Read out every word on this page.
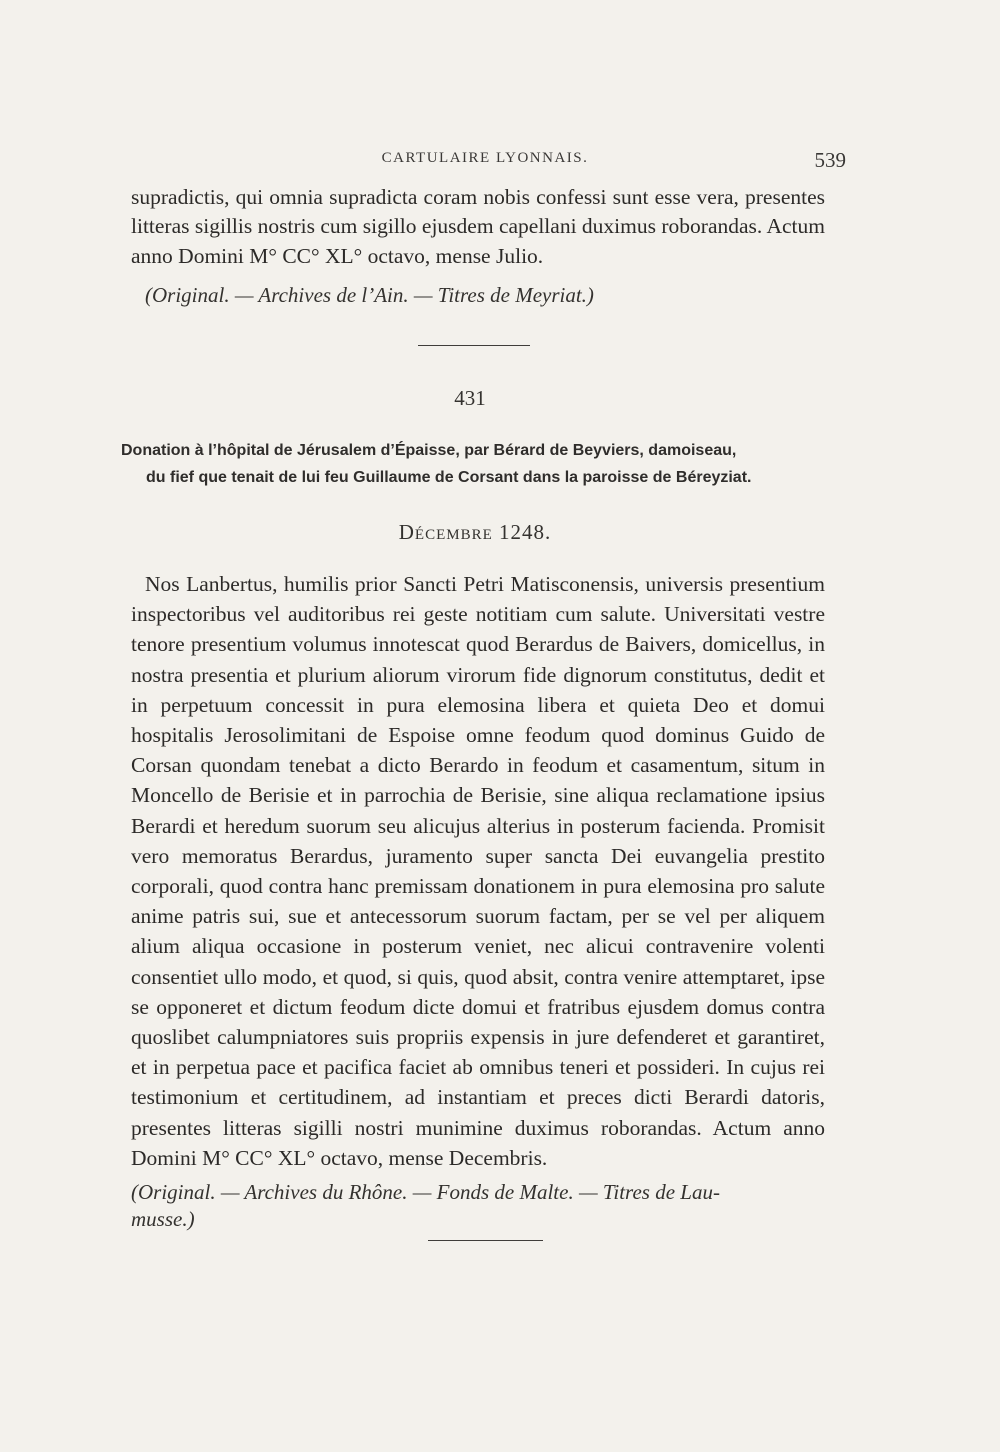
CARTULAIRE LYONNAIS.	539

supradictis, qui omnia supradicta coram nobis confessi sunt esse vera, presentes litteras sigillis nostris cum sigillo ejusdem capellani duximus roborandas. Actum anno Domini M° CC° XL° octavo, mense Julio.

(Original. — Archives de l’Ain. — Titres de Meyriat.)

431

Donation à l’hôpital de Jérusalem d’Épaisse, par Bérard de Beyviers, damoiseau,
du fief que tenait de lui feu Guillaume de Corsant dans la paroisse de Béreyziat.

Décembre 1248.

Nos Lanbertus, humilis prior Sancti Petri Matisconensis, universis presentium inspectoribus vel auditoribus rei geste notitiam cum salute. Universitati vestre tenore presentium volumus innotescat quod Berardus de Baivers, domicellus, in nostra presentia et plurium aliorum virorum fide dignorum constitutus, dedit et in perpetuum concessit in pura elemosina libera et quieta Deo et domui hospitalis Jerosolimitani de Espoise omne feodum quod dominus Guido de Corsan quondam tenebat a dicto Berardo in feodum et casamentum, situm in Moncello de Berisie et in parrochia de Berisie, sine aliqua reclamatione ipsius Berardi et heredum suorum seu alicujus alterius in posterum facienda. Promisit vero memoratus Berardus, juramento super sancta Dei euvangelia prestito corporali, quod contra hanc premissam donationem in pura elemosina pro salute anime patris sui, sue et antecessorum suorum factam, per se vel per aliquem alium aliqua occasione in posterum veniet, nec alicui contravenire volenti consentiet ullo modo, et quod, si quis, quod absit, contra venire attemptaret, ipse se opponeret et dictum feodum dicte domui et fratribus ejusdem domus contra quoslibet calumpniatores suis propriis expensis in jure defenderet et garantiret, et in perpetua pace et pacifica faciet ab omnibus teneri et possideri. In cujus rei testimonium et certitudinem, ad instantiam et preces dicti Berardi datoris, presentes litteras sigilli nostri munimine duximus roborandas. Actum anno Domini M° CC° XL° octavo, mense Decembris.

(Original. — Archives du Rhône. — Fonds de Malte. — Titres de Lau-
musse.)
